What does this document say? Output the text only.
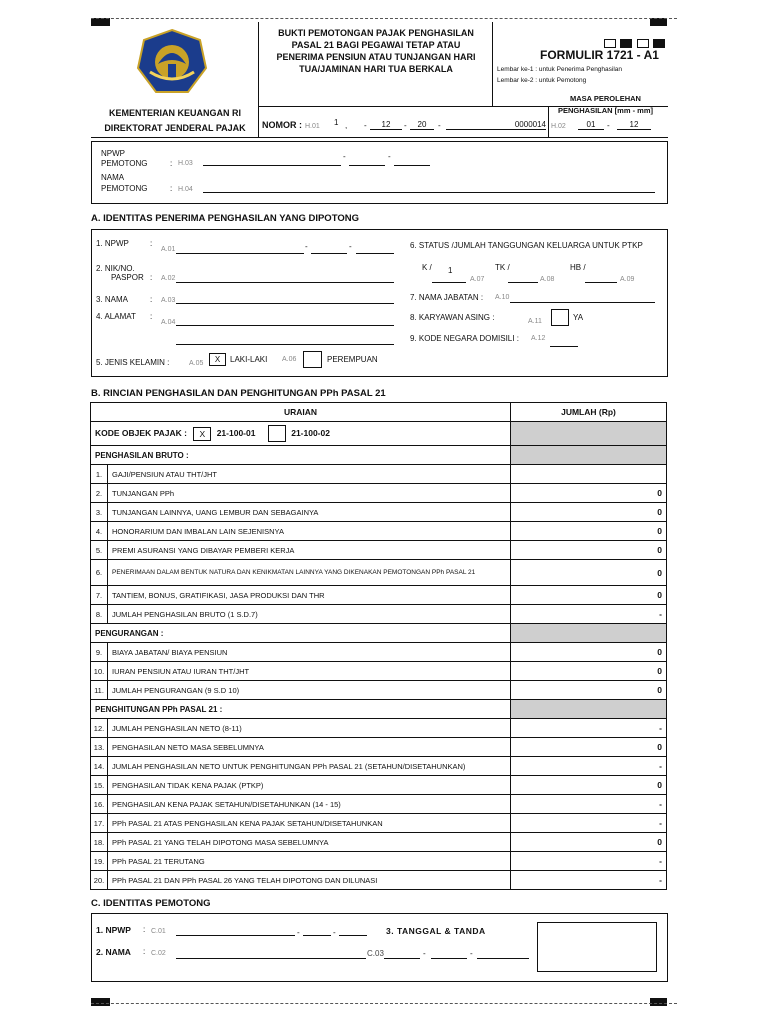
KEMENTERIAN KEUANGAN RI
DIREKTORAT JENDERAL PAJAK
BUKTI PEMOTONGAN PAJAK PENGHASILAN
PASAL 21 BAGI PEGAWAI TETAP ATAU
PENERIMA PENSIUN ATAU TUNJANGAN HARI
TUA/JAMINAN HARI TUA BERKALA

FORMULIR 1721 - A1
Lembar ke-1 : untuk Penerima Penghasilan
Lembar ke-2 : untuk Pemotong
MASA PEROLEHAN
PENGHASILAN [mm - mm]
NOMOR : H.01 1 , -	12	-	20	-	0000014 H.02	01	-	12
NPWP
PEMOTONG	: H.03
-	-
NAMA
PEMOTONG	: H.04
A. IDENTITAS PENERIMA PENGHASILAN YANG DIPOTONG
1. NPWP	:
A.01	-	-
2. NIK/NO.
PASPOR : A.02
3. NAMA	: A.03
4. ALAMAT :
A.04
5. JENIS KELAMIN :	A.05	X	LAKI-LAKI A.06	PEREMPUAN
6. STATUS /JUMLAH TANGGUNGAN KELUARGA UNTUK PTKP
K / 1
A.07
TK /
A.08
HB /
A.09
7. NAMA JABATAN : A.10
8. KARYAWAN ASING :	A.11	YA
9. KODE NEGARA DOMISILI : A.12
B. RINCIAN PENGHASILAN DAN PENGHITUNGAN PPh PASAL 21
URAIAN		JUMLAH (Rp)
KODE OBJEK PAJAK : X 21-100-01 21-100-02		
PENGHASILAN BRUTO :		
1.	GAJI/PENSIUN ATAU THT/JHT	
2.	TUNJANGAN PPh	0
3.	TUNJANGAN LAINNYA, UANG LEMBUR DAN SEBAGAINYA	0
4.	HONORARIUM DAN IMBALAN LAIN SEJENISNYA	0
5.	PREMI ASURANSI YANG DIBAYAR PEMBERI KERJA	0
6.	PENERIMAAN DALAM BENTUK NATURA DAN KENIKMATAN LAINNYA YANG DIKENAKAN PEMOTONGAN PPh PASAL 21	0
7.	TANTIEM, BONUS, GRATIFIKASI, JASA PRODUKSI DAN THR	0
8.	JUMLAH PENGHASILAN BRUTO (1 S.D.7)	-
PENGURANGAN :		
9.	BIAYA JABATAN/ BIAYA PENSIUN	0
10.	IURAN PENSIUN ATAU IURAN THT/JHT	0
11.	JUMLAH PENGURANGAN (9 S.D 10)	0
PENGHITUNGAN PPh PASAL 21 :		
12.	JUMLAH PENGHASILAN NETO (8-11)	-
13.	PENGHASILAN NETO MASA SEBELUMNYA	0
14.	JUMLAH PENGHASILAN NETO UNTUK PENGHITUNGAN PPh PASAL 21 (SETAHUN/DISETAHUNKAN)	-
15.	PENGHASILAN TIDAK KENA PAJAK (PTKP)	0
16.	PENGHASILAN KENA PAJAK SETAHUN/DISETAHUNKAN (14 - 15)	-
17.	PPh PASAL 21 ATAS PENGHASILAN KENA PAJAK SETAHUN/DISETAHUNKAN	-
18.	PPh PASAL 21 YANG TELAH DIPOTONG MASA SEBELUMNYA	0
19.	PPh PASAL 21 TERUTANG	-
20.	PPh PASAL 21 DAN PPh PASAL 26 YANG TELAH DIPOTONG DAN DILUNASI	-
C. IDENTITAS PEMOTONG
1. NPWP : C.01	-	-	3. TANGGAL & TANDA
2. NAMA : C.02	C.03	-	-
